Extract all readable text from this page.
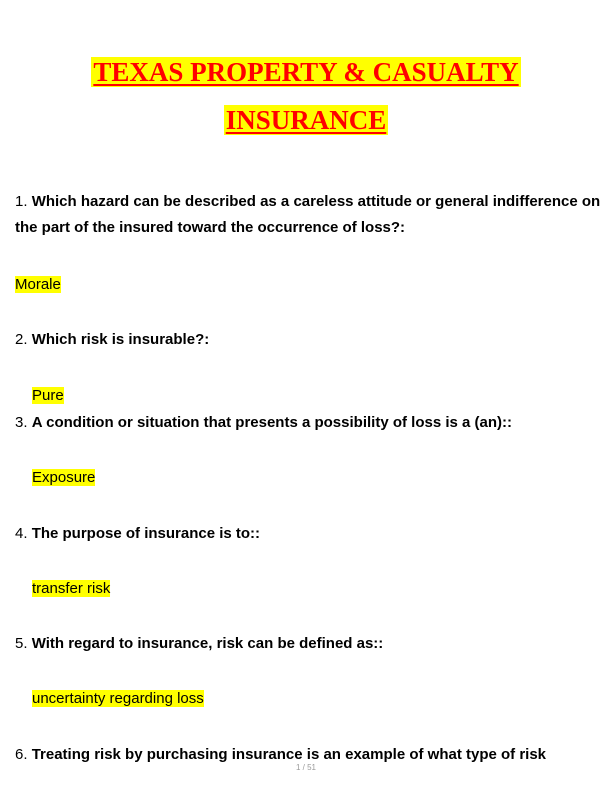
TEXAS PROPERTY & CASUALTY
INSURANCE
1. Which hazard can be described as a careless attitude or general indifference on the part of the insured toward the occurrence of loss?:
Morale
2. Which risk is insurable?:
Pure
3. A condition or situation that presents a possibility of loss is a (an)::
Exposure
4. The purpose of insurance is to::
transfer risk
5. With regard to insurance, risk can be defined as::
uncertainty regarding loss
6. Treating risk by purchasing insurance is an example of what type of risk
1 / 51
